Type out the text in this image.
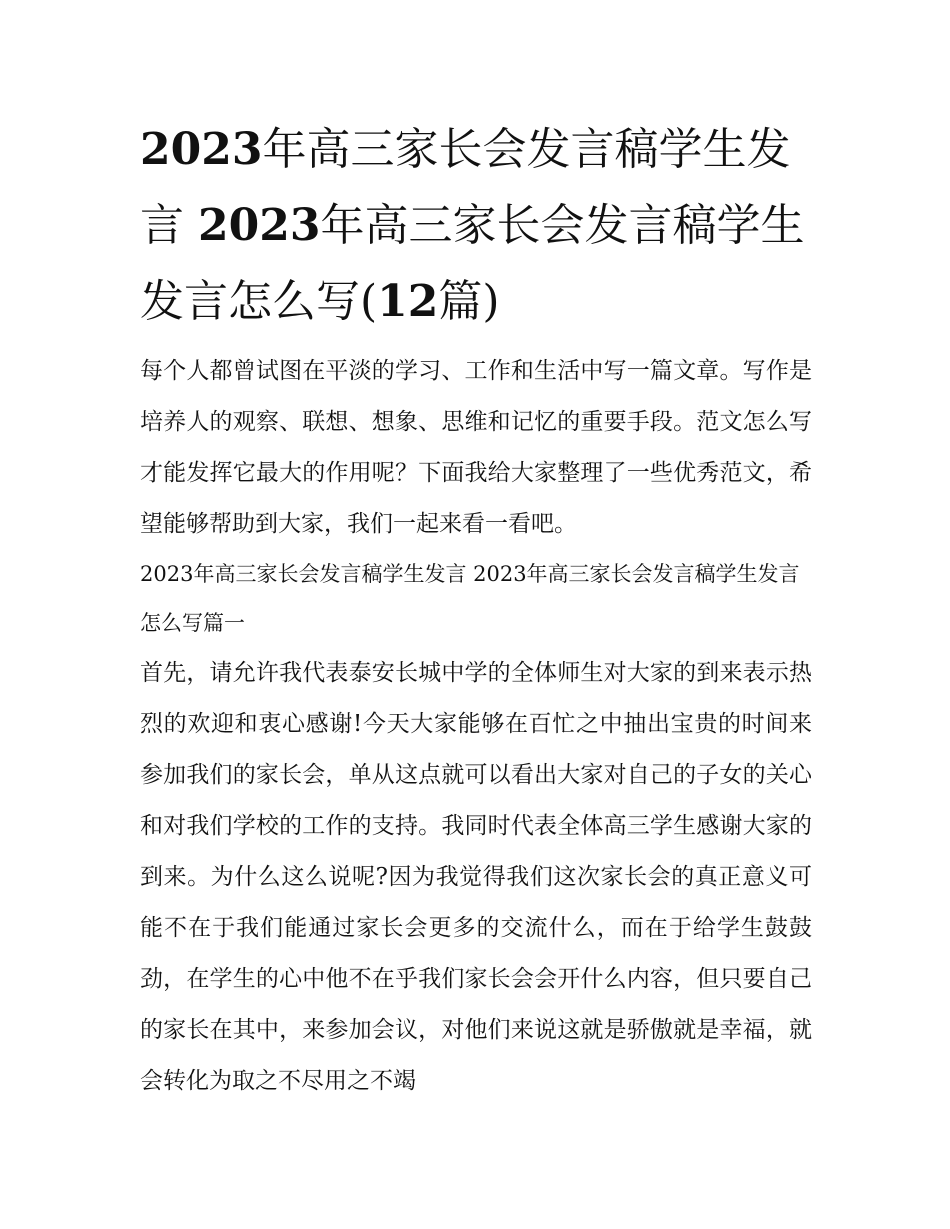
2023年高三家长会发言稿学生发言 2023年高三家长会发言稿学生发言怎么写(12篇)

每个人都曾试图在平淡的学习、工作和生活中写一篇文章。写作是培养人的观察、联想、想象、思维和记忆的重要手段。范文怎么写才能发挥它最大的作用呢？下面我给大家整理了一些优秀范文，希望能够帮助到大家，我们一起来看一看吧。

2023年高三家长会发言稿学生发言 2023年高三家长会发言稿学生发言怎么写篇一

首先，请允许我代表泰安长城中学的全体师生对大家的到来表示热烈的欢迎和衷心感谢!今天大家能够在百忙之中抽出宝贵的时间来参加我们的家长会，单从这点就可以看出大家对自己的子女的关心和对我们学校的工作的支持。我同时代表全体高三学生感谢大家的到来。为什么这么说呢?因为我觉得我们这次家长会的真正意义可能不在于我们能通过家长会更多的交流什么，而在于给学生鼓鼓劲，在学生的心中他不在乎我们家长会会开什么内容，但只要自己的家长在其中，来参加会议，对他们来说这就是骄傲就是幸福，就会转化为取之不尽用之不竭
